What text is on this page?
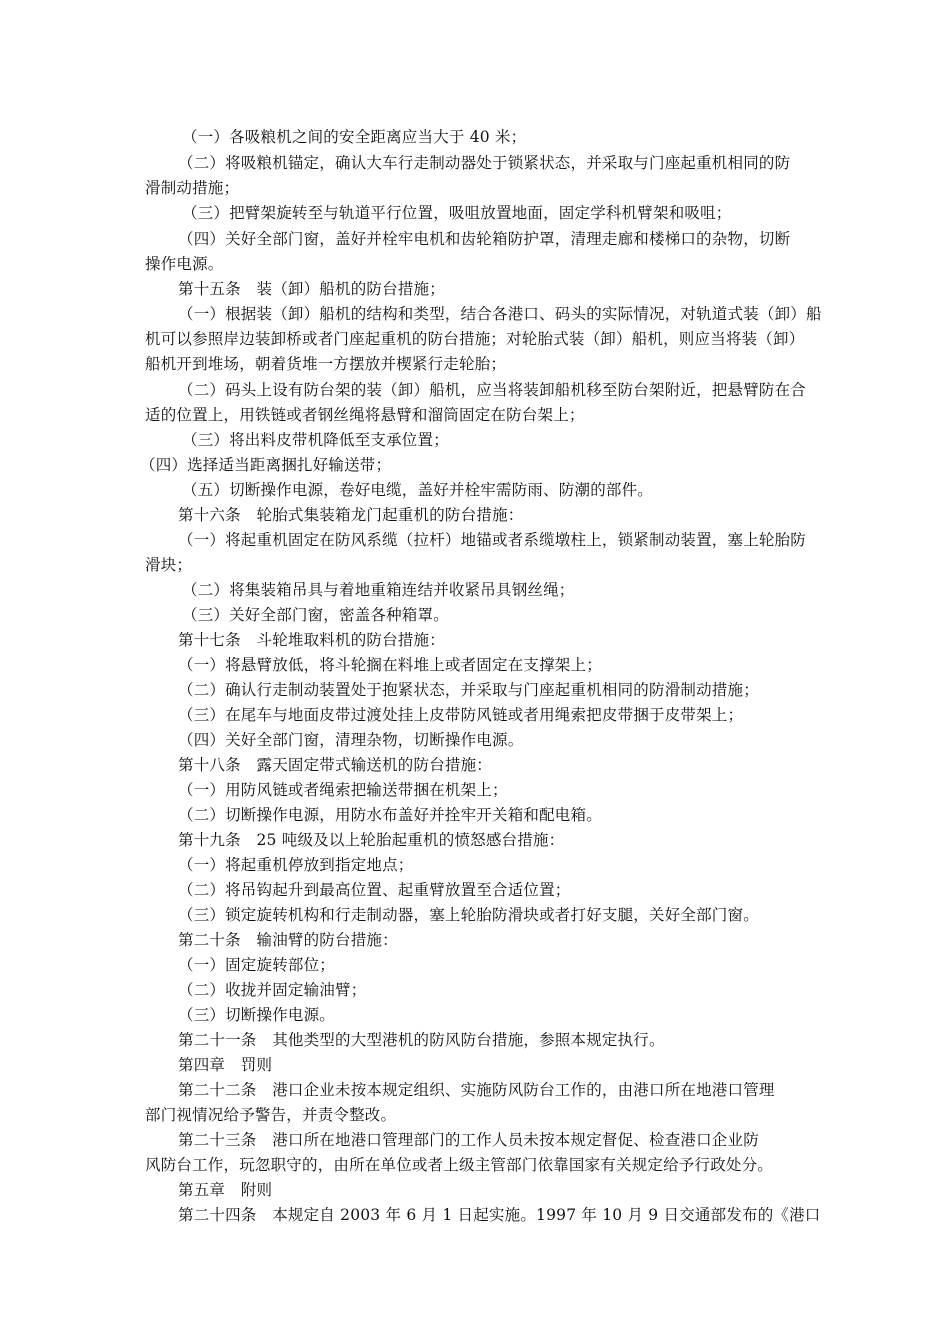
（一）各吸粮机之间的安全距离应当大于 40 米；
（二）将吸粮机锚定，确认大车行走制动器处于锁紧状态，并采取与门座起重机相同的防
滑制动措施；
（三）把臂架旋转至与轨道平行位置，吸咀放置地面，固定学科机臂架和吸咀；
（四）关好全部门窗，盖好并栓牢电机和齿轮箱防护罩，清理走廊和楼梯口的杂物，切断
操作电源。
第十五条　装（卸）船机的防台措施；
（一）根据装（卸）船机的结构和类型，结合各港口、码头的实际情况，对轨道式装（卸）船
机可以参照岸边装卸桥或者门座起重机的防台措施；对轮胎式装（卸）船机，则应当将装（卸）
船机开到堆场，朝着货堆一方摆放并楔紧行走轮胎；
（二）码头上设有防台架的装（卸）船机，应当将装卸船机移至防台架附近，把悬臂防在合
适的位置上，用铁链或者钢丝绳将悬臂和溜筒固定在防台架上；
（三）将出料皮带机降低至支承位置；
（四）选择适当距离捆扎好输送带；
（五）切断操作电源，卷好电缆，盖好并栓牢需防雨、防潮的部件。
第十六条　轮胎式集装箱龙门起重机的防台措施：
（一）将起重机固定在防风系缆（拉杆）地锚或者系缆墩柱上，锁紧制动装置，塞上轮胎防
滑块；
（二）将集装箱吊具与着地重箱连结并收紧吊具钢丝绳；
（三）关好全部门窗，密盖各种箱罩。
第十七条　斗轮堆取料机的防台措施：
（一）将悬臂放低，将斗轮搁在料堆上或者固定在支撑架上；
（二）确认行走制动装置处于抱紧状态，并采取与门座起重机相同的防滑制动措施；
（三）在尾车与地面皮带过渡处挂上皮带防风链或者用绳索把皮带捆于皮带架上；
（四）关好全部门窗，清理杂物，切断操作电源。
第十八条　露天固定带式输送机的防台措施：
（一）用防风链或者绳索把输送带捆在机架上；
（二）切断操作电源，用防水布盖好并拴牢开关箱和配电箱。
第十九条　25 吨级及以上轮胎起重机的愤怒感台措施：
（一）将起重机停放到指定地点；
（二）将吊钩起升到最高位置、起重臂放置至合适位置；
（三）锁定旋转机构和行走制动器，塞上轮胎防滑块或者打好支腿，关好全部门窗。
第二十条　输油臂的防台措施：
（一）固定旋转部位；
（二）收拢并固定输油臂；
（三）切断操作电源。
第二十一条　其他类型的大型港机的防风防台措施，参照本规定执行。
第四章　罚则
第二十二条　港口企业未按本规定组织、实施防风防台工作的，由港口所在地港口管理
部门视情况给予警告，并责令整改。
第二十三条　港口所在地港口管理部门的工作人员未按本规定督促、检查港口企业防
风防台工作，玩忽职守的，由所在单位或者上级主管部门依靠国家有关规定给予行政处分。
第五章　附则
第二十四条　本规定自 2003 年 6 月 1 日起实施。1997 年 10 月 9 日交通部发布的《港口
